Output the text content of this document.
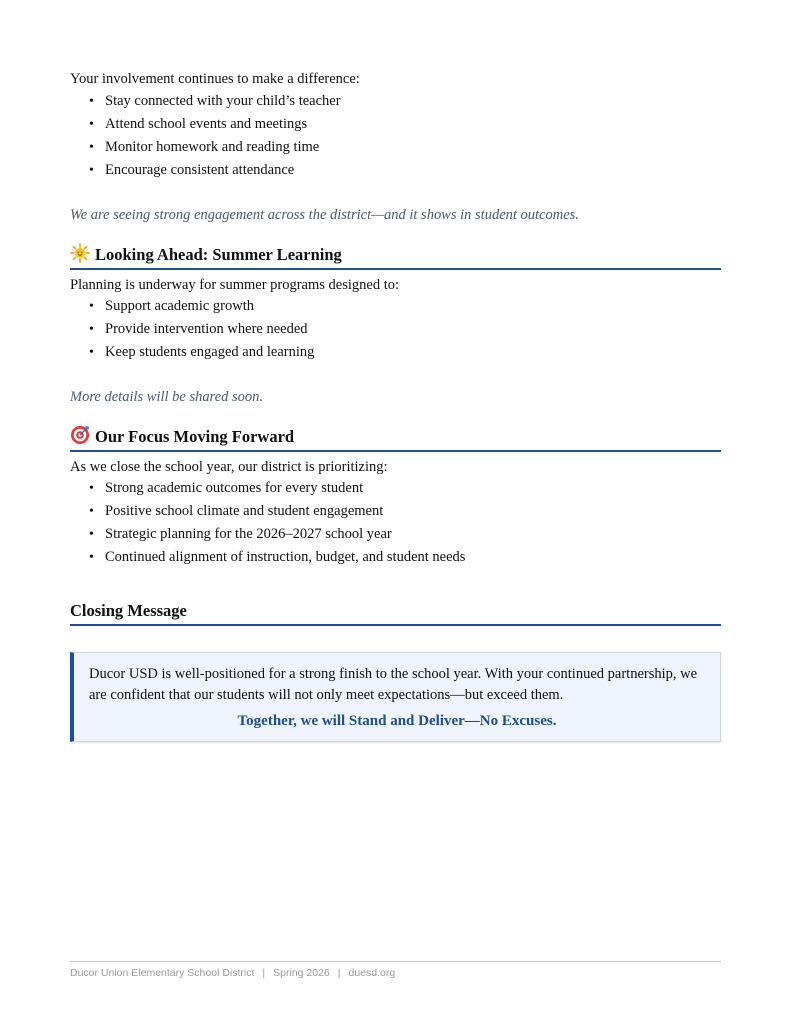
Your involvement continues to make a difference:

• Stay connected with your child’s teacher
• Attend school events and meetings
• Monitor homework and reading time
• Encourage consistent attendance

We are seeing strong engagement across the district—and it shows in student outcomes.

Looking Ahead: Summer Learning

Planning is underway for summer programs designed to:

• Support academic growth
• Provide intervention where needed
• Keep students engaged and learning

More details will be shared soon.

Our Focus Moving Forward

As we close the school year, our district is prioritizing:

• Strong academic outcomes for every student
• Positive school climate and student engagement
• Strategic planning for the 2026–2027 school year
• Continued alignment of instruction, budget, and student needs
Closing Message

Ducor USD is well-positioned for a strong finish to the school year. With your continued partnership, we are confident that our students will not only meet expectations—but exceed them.

Together, we will Stand and Deliver—No Excuses.

Ducor Union Elementary School District | Spring 2026 | duesd.org
